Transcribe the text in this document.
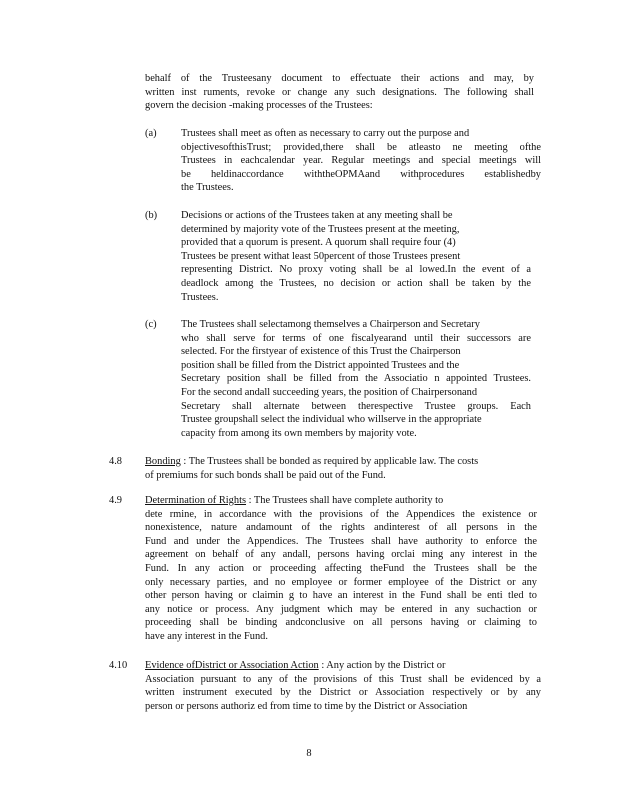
behalf of the Trusteesany document to effectuate their actions and may, by
written inst ruments, revoke or change any such designations. The following shall
govern the decision -making processes of the Trustees:
(a) Trustees shall meet as often as necessary to carry out the purpose and
objectivesofthisTrust; provided,there shall be atleasto ne meeting ofthe
Trustees in eachcalendar year. Regular meetings and special meetings will
be heldinaccordance withtheOPMAand withprocedures establishedby
the Trustees.
(b) Decisions or actions of the Trustees taken at any meeting shall be
determined by majority vote of the Trustees present at the meeting,
provided that a quorum is present. A quorum shall require four (4)
Trustees be present withat least 50percent of those Trustees present
representing District. No proxy voting shall be al lowed.In the event of a
deadlock among the Trustees, no decision or action shall be taken by the
Trustees.
(c) The Trustees shall selectamong themselves a Chairperson and Secretary
who shall serve for terms of one fiscalyearand until their successors are
selected. For the firstyear of existence of this Trust the Chairperson
position shall be filled from the District appointed Trustees and the
Secretary position shall be filled from the Associatio n appointed Trustees.
For the second andall succeeding years, the position of Chairpersonand
Secretary shall alternate between therespective Trustee groups. Each
Trustee groupshall select the individual who willserve in the appropriate
capacity from among its own members by majority vote.
4.8 Bonding : The Trustees shall be bonded as required by applicable law. The costs
of premiums for such bonds shall be paid out of the Fund.
4.9 Determination of Rights : The Trustees shall have complete authority to
dete rmine, in accordance with the provisions of the Appendices the existence or
nonexistence, nature andamount of the rights andinterest of all persons in the
Fund and under the Appendices. The Trustees shall have authority to enforce the
agreement on behalf of any andall, persons having orclai ming any interest in the
Fund. In any action or proceeding affecting theFund the Trustees shall be the
only necessary parties, and no employee or former employee of the District or any
other person having or claimin g to have an interest in the Fund shall be enti tled to
any notice or process. Any judgment which may be entered in any suchaction or
proceeding shall be binding andconclusive on all persons having or claiming to
have any interest in the Fund.
4.10 Evidence ofDistrict or Association Action : Any action by the District or
Association pursuant to any of the provisions of this Trust shall be evidenced by a
written instrument executed by the District or Association respectively or by any
person or persons authoriz ed from time to time by the District or Association
8
